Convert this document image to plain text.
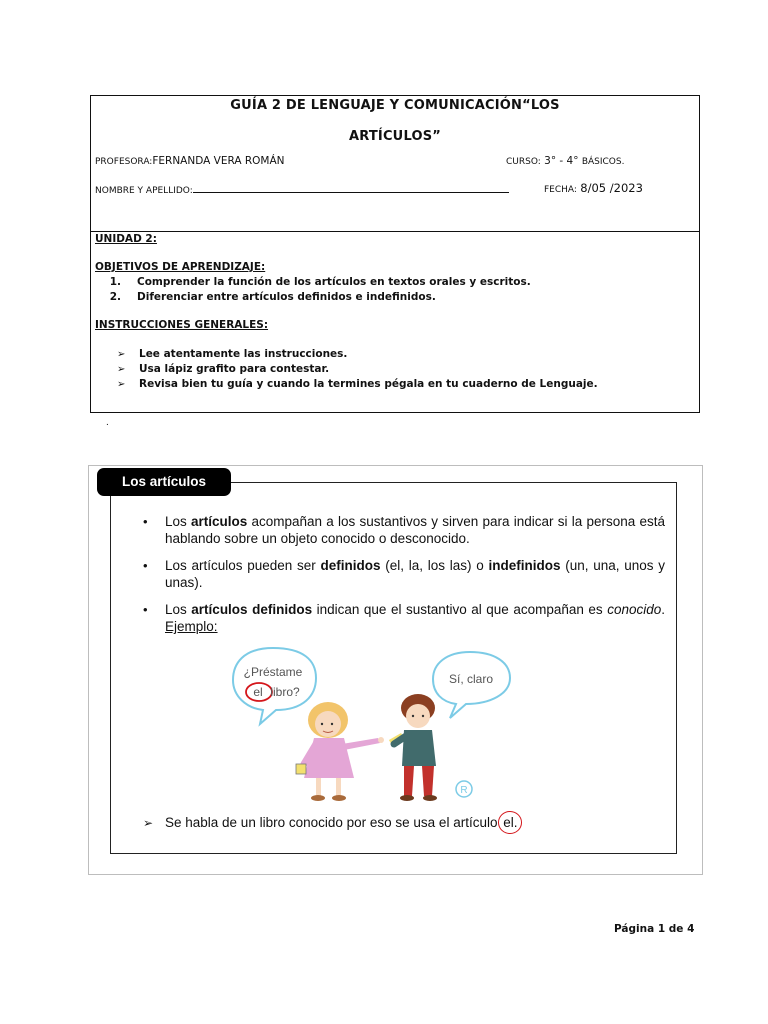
GUÍA 2 DE LENGUAJE Y COMUNICACIÓN“LOS
ARTÍCULOS”
PROFESORA:FERNANDA VERA ROMÁN	CURSO: 3° - 4° BÁSICOS.
NOMBRE Y APELLIDO:	FECHA: 8/05 /2023
UNIDAD 2:
OBJETIVOS DE APRENDIZAJE:
1. Comprender la función de los artículos en textos orales y escritos.
2. Diferenciar entre artículos definidos e indefinidos.
INSTRUCCIONES GENERALES:
➢ Lee atentamente las instrucciones.
➢ Usa lápiz grafito para contestar.
➢ Revisa bien tu guía y cuando la termines pégala en tu cuaderno de Lenguaje.
.
Los artículos
• Los artículos acompañan a los sustantivos y sirven para indicar si la persona está hablando sobre un objeto conocido o desconocido.
• Los artículos pueden ser definidos (el, la, los las) o indefinidos (un, una, unos y unas).
• Los artículos definidos indican que el sustantivo al que acompañan es conocido. Ejemplo:
¿Préstame
el libro?
Sí, claro
R
➢ Se habla de un libro conocido por eso se usa el artículo el.
Página 1 de 4
